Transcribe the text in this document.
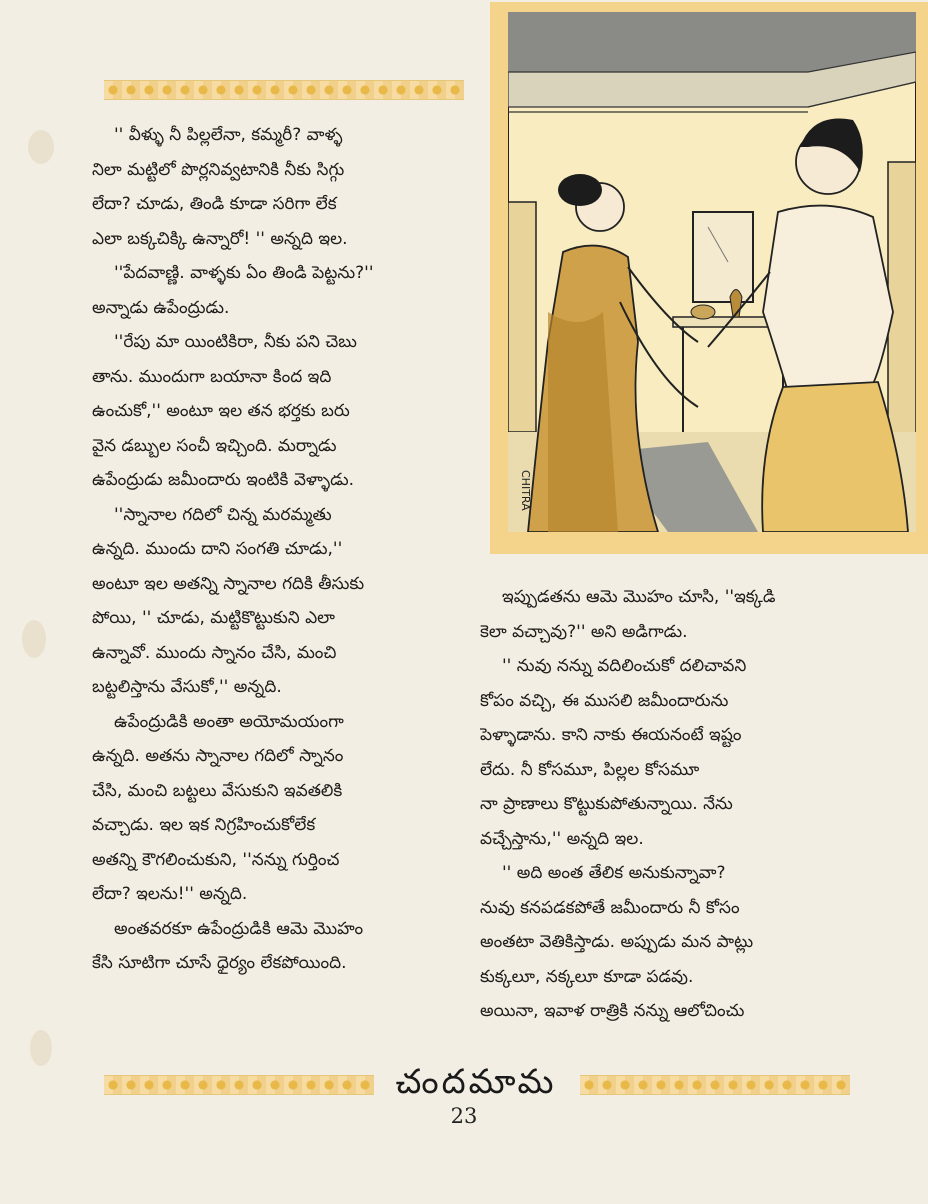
'' వీళ్ళు నీ పిల్లలేనా, కమ్మరీ? వాళ్ళ
నిలా మట్టిలో పొర్లనివ్వటానికి నీకు సిగ్గు
లేదా? చూడు, తిండి కూడా సరిగా లేక
ఎలా బక్కచిక్కి ఉన్నారో! '' అన్నది ఇల.
''పేదవాణ్ణి. వాళ్ళకు ఏం తిండి పెట్టను?''
అన్నాడు ఉపేంద్రుడు.
''రేపు మా యింటికిరా, నీకు పని చెబు
తాను. ముందుగా బయానా కింద ఇది
ఉంచుకో,'' అంటూ ఇల తన భర్తకు బరు
వైన డబ్బుల సంచీ ఇచ్చింది. మర్నాడు
ఉపేంద్రుడు జమీందారు ఇంటికి వెళ్ళాడు.
''స్నానాల గదిలో చిన్న మరమ్మతు
ఉన్నది. ముందు దాని సంగతి చూడు,''
అంటూ ఇల అతన్ని స్నానాల గదికి తీసుకు
పోయి, '' చూడు, మట్టికొట్టుకుని ఎలా
ఉన్నావో. ముందు స్నానం చేసి, మంచి
బట్టలిస్తాను వేసుకో,'' అన్నది.
ఉపేంద్రుడికి అంతా అయోమయంగా
ఉన్నది. అతను స్నానాల గదిలో స్నానం
చేసి, మంచి బట్టలు వేసుకుని ఇవతలికి
వచ్చాడు. ఇల ఇక నిగ్రహించుకోలేక
అతన్ని కౌగలించుకుని, ''నన్ను గుర్తించ
లేదా? ఇలను!'' అన్నది.
అంతవరకూ ఉపేంద్రుడికి ఆమె మొహం
కేసి సూటిగా చూసే ధైర్యం లేకపోయింది.
CHITRA
ఇప్పుడతను ఆమె మొహం చూసి, ''ఇక్కడి
కెలా వచ్చావు?'' అని అడిగాడు.
'' నువు నన్ను వదిలించుకో దలిచావని
కోపం వచ్చి, ఈ ముసలి జమీందారును
పెళ్ళాడాను. కాని నాకు ఈయనంటే ఇష్టం
లేదు. నీ కోసమూ, పిల్లల కోసమూ
నా ప్రాణాలు కొట్టుకుపోతున్నాయి. నేను
వచ్చేస్తాను,'' అన్నది ఇల.
'' అది అంత తేలిక అనుకున్నావా?
నువు కనపడకపోతే జమీందారు నీ కోసం
అంతటా వెతికిస్తాడు. అప్పుడు మన పాట్లు
కుక్కలూ, నక్కలూ కూడా పడవు.
అయినా, ఇవాళ రాత్రికి నన్ను ఆలోచించు
చందమామ
23
